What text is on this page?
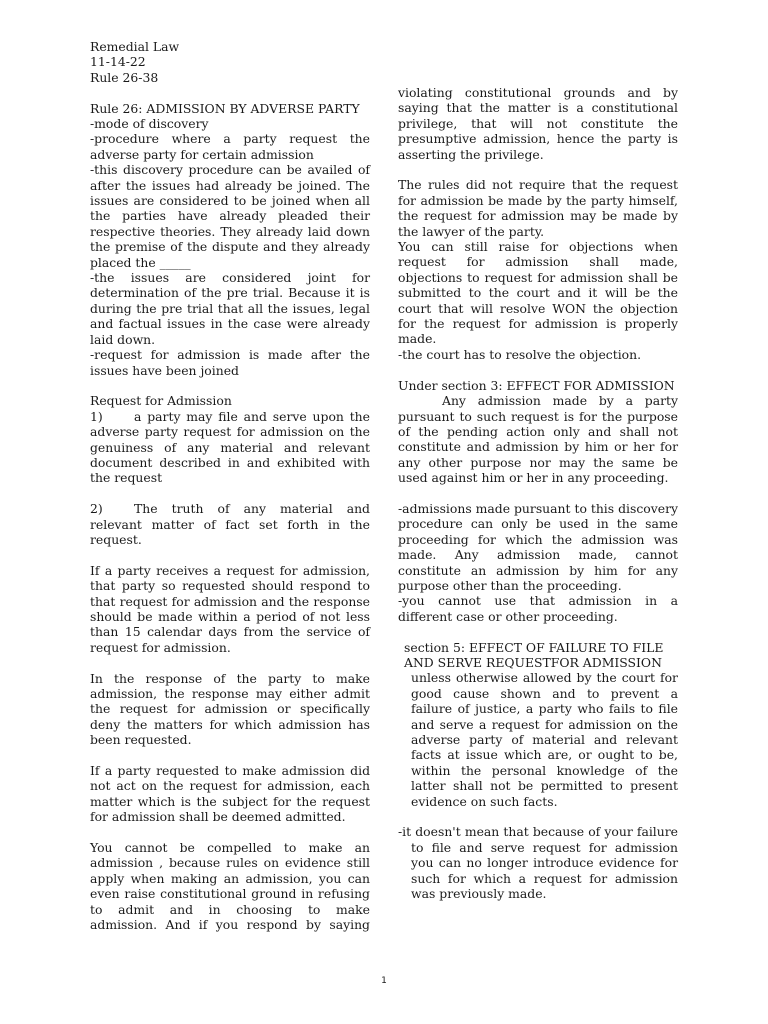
Remedial Law
11-14-22
Rule 26-38
Rule 26: ADMISSION BY ADVERSE PARTY
-mode of discovery
-procedure where a party request the adverse party for certain admission
-this discovery procedure can be availed of after the issues had already be joined. The issues are considered to be joined when all the parties have already pleaded their respective theories. They already laid down the premise of the dispute and they already placed the _____
-the issues are considered joint for determination of the pre trial. Because it is during the pre trial that all the issues, legal and factual issues in the case were already laid down.
-request for admission is made after the issues have been joined
Request for Admission
1)	a party may file and serve upon the adverse party request for admission on the genuiness of any material and relevant document described in and exhibited with the request
2)	The truth of any material and relevant matter of fact set forth in the request.
If a party receives a request for admission, that party so requested should respond to that request for admission and the response should be made within a period of not less than 15 calendar days from the service of request for admission.
In the response of the party to make admission, the response may either admit the request for admission or specifically deny the matters for which admission has been requested.
If a party requested to make admission did not act on the request for admission, each matter which is the subject for the request for admission shall be deemed admitted.
You cannot be compelled to make an admission , because rules on evidence still apply when making an admission, you can even raise constitutional ground in refusing to admit and in choosing to make admission. And if you respond by saying
violating constitutional grounds and by saying that the matter is a constitutional privilege, that will not constitute the presumptive admission, hence the party is asserting the privilege.
The rules did not require that the request for admission be made by the party himself, the request for admission may be made by the lawyer of the party.
You can still raise for objections when request for admission shall made, objections to request for admission shall be submitted to the court and it will be the court that will resolve WON the objection for the request for admission is properly made.
-the court has to resolve the objection.
Under section 3: EFFECT FOR ADMISSION
Any admission made by a party pursuant to such request is for the purpose of the pending action only and shall not constitute and admission by him or her for any other purpose nor may the same be used against him or her in any proceeding.
-admissions made pursuant to this discovery procedure can only be used in the same proceeding for which the admission was made. Any admission made, cannot constitute an admission by him for any purpose other than the proceeding.
-you cannot use that admission in a different case or other proceeding.
section 5: EFFECT OF FAILURE TO FILE AND SERVE REQUESTFOR ADMISSION
unless otherwise allowed by the court for good cause shown and to prevent a failure of justice, a party who fails to file and serve a request for admission on the adverse party of material and relevant facts at issue which are, or ought to be, within the personal knowledge of the latter shall not be permitted to present evidence on such facts.
-it doesn't mean that because of your failure to file and serve request for admission you can no longer introduce evidence for such for which a request for admission was previously made.
1
